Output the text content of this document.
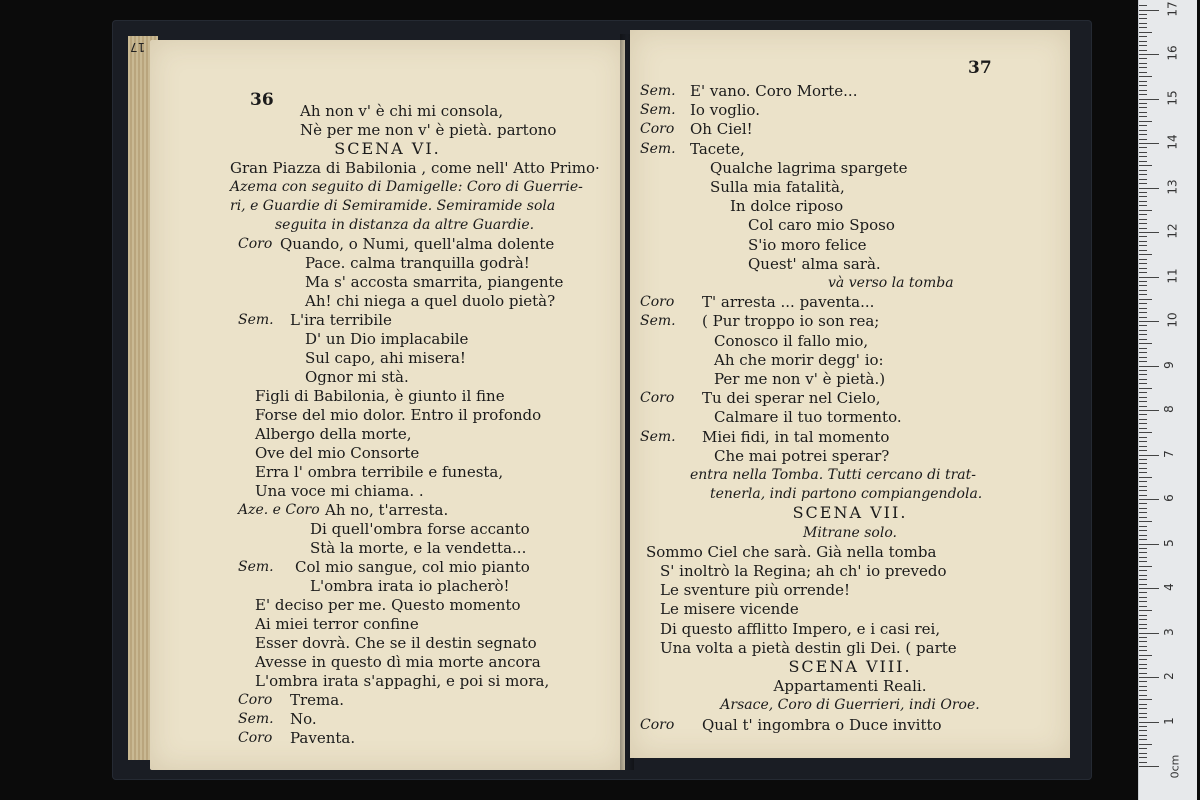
17
36
Ah non v' è chi mi consola,
Nè per me non v' è pietà. partono
SCENA VI.
Gran Piazza di Babilonia , come nell' Atto Primo·
Azema con seguito di Damigelle: Coro di Guerrie-
ri, e Guardie di Semiramide. Semiramide sola
seguita in distanza da altre Guardie.
Coro Quando, o Numi, quell'alma dolente
Pace. calma tranquilla godrà!
Ma s' accosta smarrita, piangente
Ah! chi niega a quel duolo pietà?
Sem. L'ira terribile
D' un Dio implacabile
Sul capo, ahi misera!
Ognor mi stà.
Figli di Babilonia, è giunto il fine
Forse del mio dolor. Entro il profondo
Albergo della morte,
Ove del mio Consorte
Erra l' ombra terribile e funesta,
Una voce mi chiama. .
Aze. e Coro Ah no, t'arresta.
Di quell'ombra forse accanto
Stà la morte, e la vendetta...
Sem. Col mio sangue, col mio pianto
L'ombra irata io placherò!
E' deciso per me. Questo momento
Ai miei terror confine
Esser dovrà. Che se il destin segnato
Avesse in questo dì mia morte ancora
L'ombra irata s'appaghi, e poi si mora,
Coro Trema.
Sem. No.
Coro Paventa.
37
Sem. E' vano. Coro Morte...
Sem. Io voglio.
Coro Oh Ciel!
Sem. Tacete,
Qualche lagrima spargete
Sulla mia fatalità,
In dolce riposo
Col caro mio Sposo
S'io moro felice
Quest' alma sarà.
và verso la tomba
Coro T' arresta ... paventa...
Sem. ( Pur troppo io son rea;
Conosco il fallo mio,
Ah che morir degg' io:
Per me non v' è pietà.)
Coro Tu dei sperar nel Cielo,
Calmare il tuo tormento.
Sem. Miei fidi, in tal momento
Che mai potrei sperar?
entra nella Tomba. Tutti cercano di trat-
tenerla, indi partono compiangendola.
SCENA VII.
Mitrane solo.
Sommo Ciel che sarà. Già nella tomba
S' inoltrò la Regina; ah ch' io prevedo
Le sventure più orrende!
Le misere vicende
Di questo afflitto Impero, e i casi rei,
Una volta a pietà destin gli Dei. ( parte
SCENA VIII.
Appartamenti Reali.
Arsace, Coro di Guerrieri, indi Oroe.
Coro Qual t' ingombra o Duce invitto
0cm
1
2
3
4
5
6
7
8
9
10
11
12
13
14
15
16
17
